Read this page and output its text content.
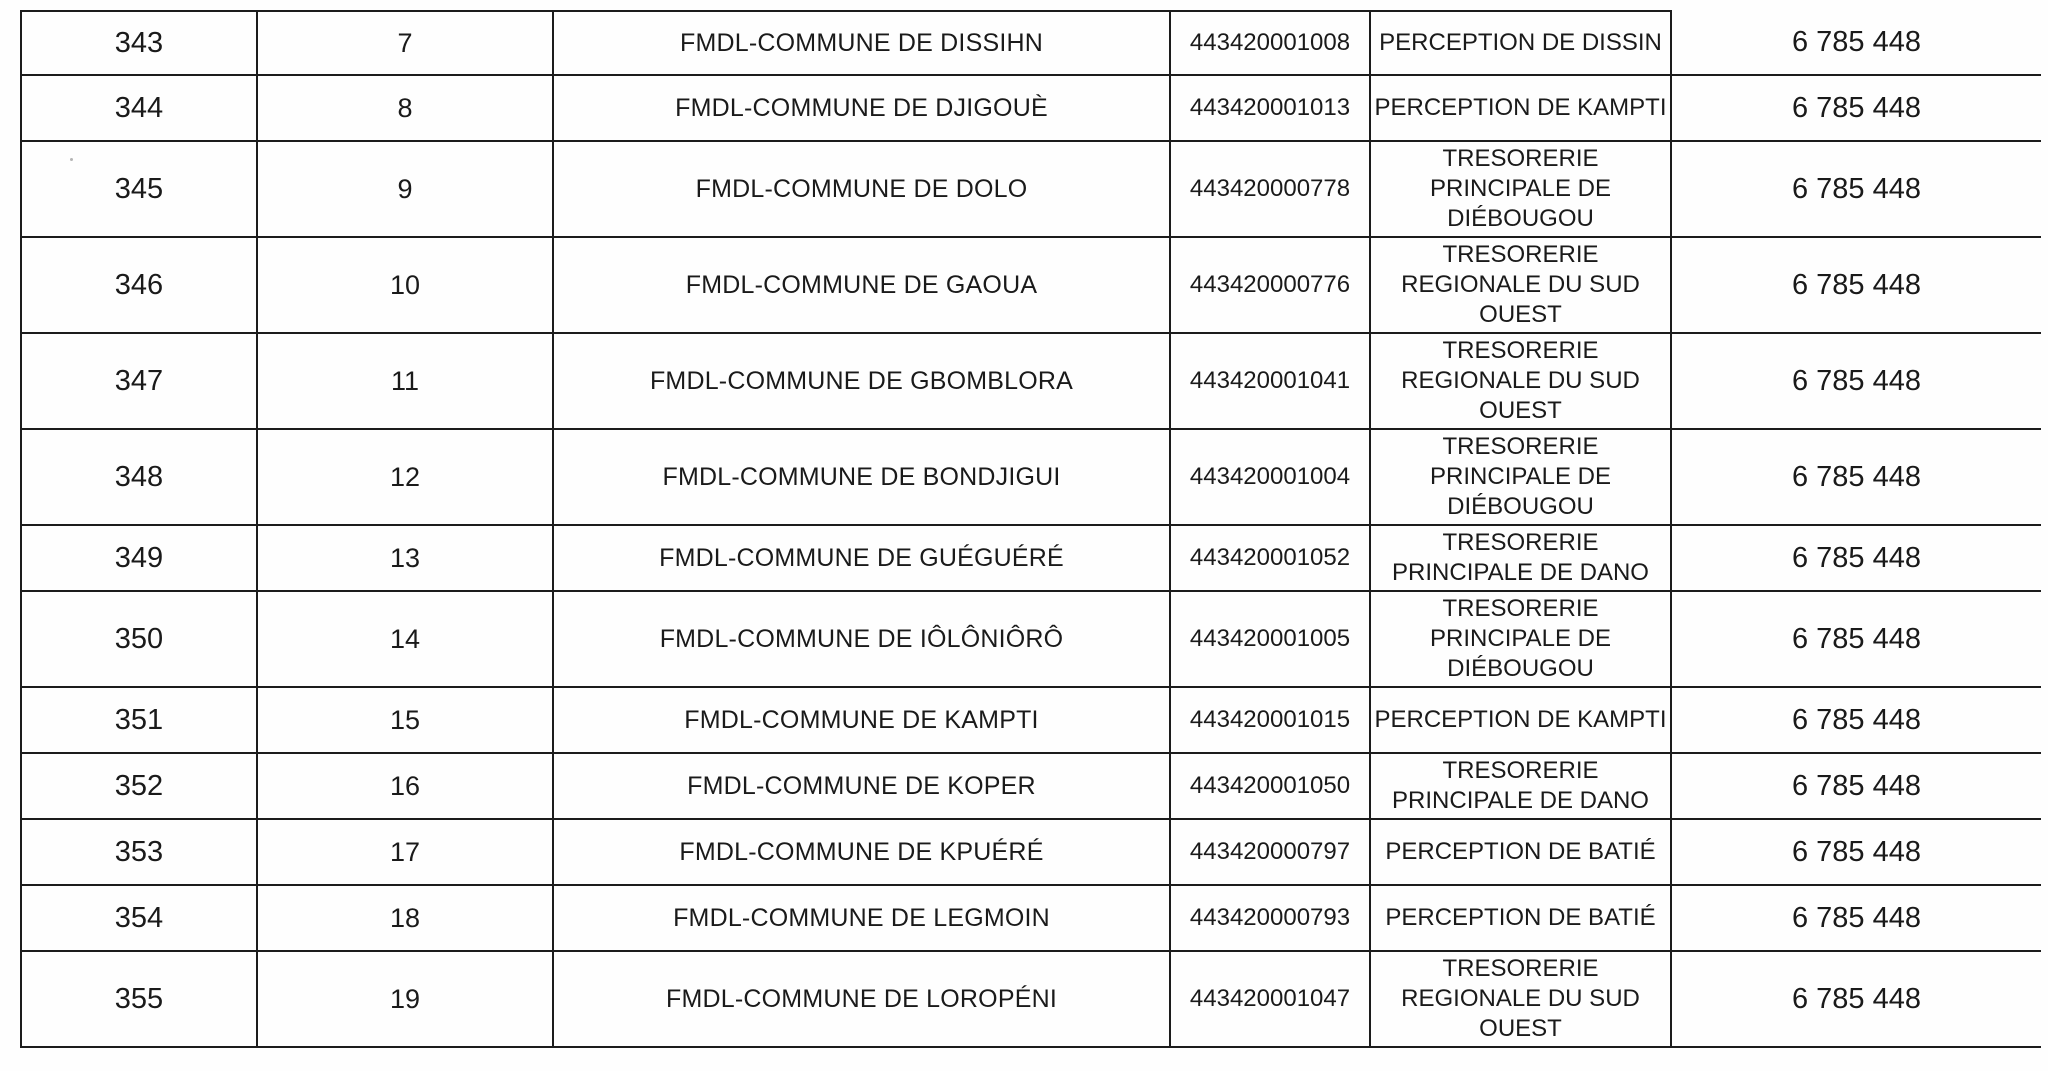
343	7	FMDL-COMMUNE DE DISSIHN	443420001008	PERCEPTION DE DISSIN	6 785 448
344	8	FMDL-COMMUNE DE DJIGOUÈ	443420001013	PERCEPTION DE KAMPTI	6 785 448
345	9	FMDL-COMMUNE DE DOLO	443420000778	TRESORERIE PRINCIPALE DE DIÉBOUGOU	6 785 448
346	10	FMDL-COMMUNE DE GAOUA	443420000776	TRESORERIE REGIONALE DU SUD OUEST	6 785 448
347	11	FMDL-COMMUNE DE GBOMBLORA	443420001041	TRESORERIE REGIONALE DU SUD OUEST	6 785 448
348	12	FMDL-COMMUNE DE BONDJIGUI	443420001004	TRESORERIE PRINCIPALE DE DIÉBOUGOU	6 785 448
349	13	FMDL-COMMUNE DE GUÉGUÉRÉ	443420001052	TRESORERIE PRINCIPALE DE DANO	6 785 448
350	14	FMDL-COMMUNE DE IÔLÔNIÔRÔ	443420001005	TRESORERIE PRINCIPALE DE DIÉBOUGOU	6 785 448
351	15	FMDL-COMMUNE DE KAMPTI	443420001015	PERCEPTION DE KAMPTI	6 785 448
352	16	FMDL-COMMUNE DE KOPER	443420001050	TRESORERIE PRINCIPALE DE DANO	6 785 448
353	17	FMDL-COMMUNE DE KPUÉRÉ	443420000797	PERCEPTION DE BATIÉ	6 785 448
354	18	FMDL-COMMUNE DE LEGMOIN	443420000793	PERCEPTION DE BATIÉ	6 785 448
355	19	FMDL-COMMUNE DE LOROPÉNI	443420001047	TRESORERIE REGIONALE DU SUD OUEST	6 785 448
